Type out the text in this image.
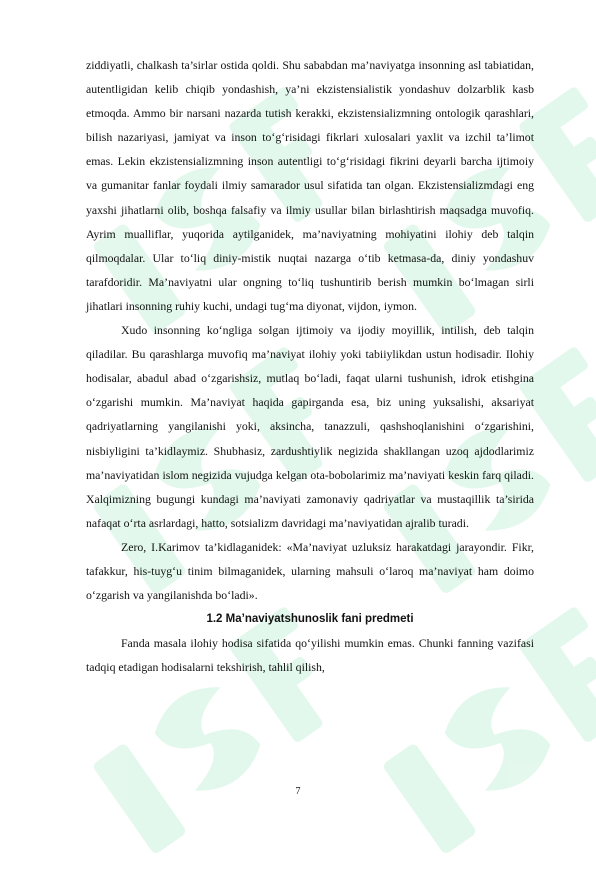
ziddiyatli, chalkash ta’sirlar ostida qoldi. Shu sababdan ma’naviyatga insonning asl tabiatidan, autentligidan kelib chiqib yondashish, ya’ni ekzistensialistik yondashuv dolzarblik kasb etmoqda. Ammo bir narsani nazarda tutish kerakki, ekzistensializmning ontologik qarashlari, bilish nazariyasi, jamiyat va inson to‘g‘risidagi fikrlari xulosalari yaxlit va izchil ta’limot emas. Lekin ekzistensializmning inson autentligi to‘g‘risidagi fikrini deyarli barcha ijtimoiy va gumanitar fanlar foydali ilmiy samarador usul sifatida tan olgan. Ekzistensializmdagi eng yaxshi jihatlarni olib, boshqa falsafiy va ilmiy usullar bilan birlashtirish maqsadga muvofiq. Ayrim mualliflar, yuqorida aytilganidek, ma’naviyatning mohiyatini ilohiy deb talqin qilmoqdalar. Ular to‘liq diniy-mistik nuqtai nazarga o‘tib ketmasa-da, diniy yondashuv tarafdoridir. Ma’naviyatni ular ongning to‘liq tushuntirib berish mumkin bo‘lmagan sirli jihatlari insonning ruhiy kuchi, undagi tug‘ma diyonat, vijdon, iymon.

Xudo insonning ko‘ngliga solgan ijtimoiy va ijodiy moyillik, intilish, deb talqin qiladilar. Bu qarashlarga muvofiq ma’naviyat ilohiy yoki tabiiylikdan ustun hodisadir. Ilohiy hodisalar, abadul abad o‘zgarishsiz, mutlaq bo‘ladi, faqat ularni tushunish, idrok etishgina o‘zgarishi mumkin. Ma’naviyat haqida gapirganda esa, biz uning yuksalishi, aksariyat qadriyatlarning yangilanishi yoki, aksincha, tanazzuli, qashshoqlanishini o‘zgarishini, nisbiyligini ta’kidlaymiz. Shubhasiz, zardushtiylik negizida shakllangan uzoq ajdodlarimiz ma’naviyatidan islom negizida vujudga kelgan ota-bobolarimiz ma’naviyati keskin farq qiladi. Xalqimizning bugungi kundagi ma’naviyati zamonaviy qadriyatlar va mustaqillik ta’sirida nafaqat o‘rta asrlardagi, hatto, sotsializm davridagi ma’naviyatidan ajralib turadi.

Zero, I.Karimov ta’kidlaganidek: «Ma’naviyat uzluksiz harakatdagi jarayondir. Fikr, tafakkur, his-tuyg‘u tinim bilmaganidek, ularning mahsuli o‘laroq ma’naviyat ham doimo o‘zgarish va yangilanishda bo‘ladi».

1.2 Ma’naviyatshunoslik fani predmeti

Fanda masala ilohiy hodisa sifatida qo‘yilishi mumkin emas. Chunki fanning vazifasi tadqiq etadigan hodisalarni tekshirish, tahlil qilish,

7
